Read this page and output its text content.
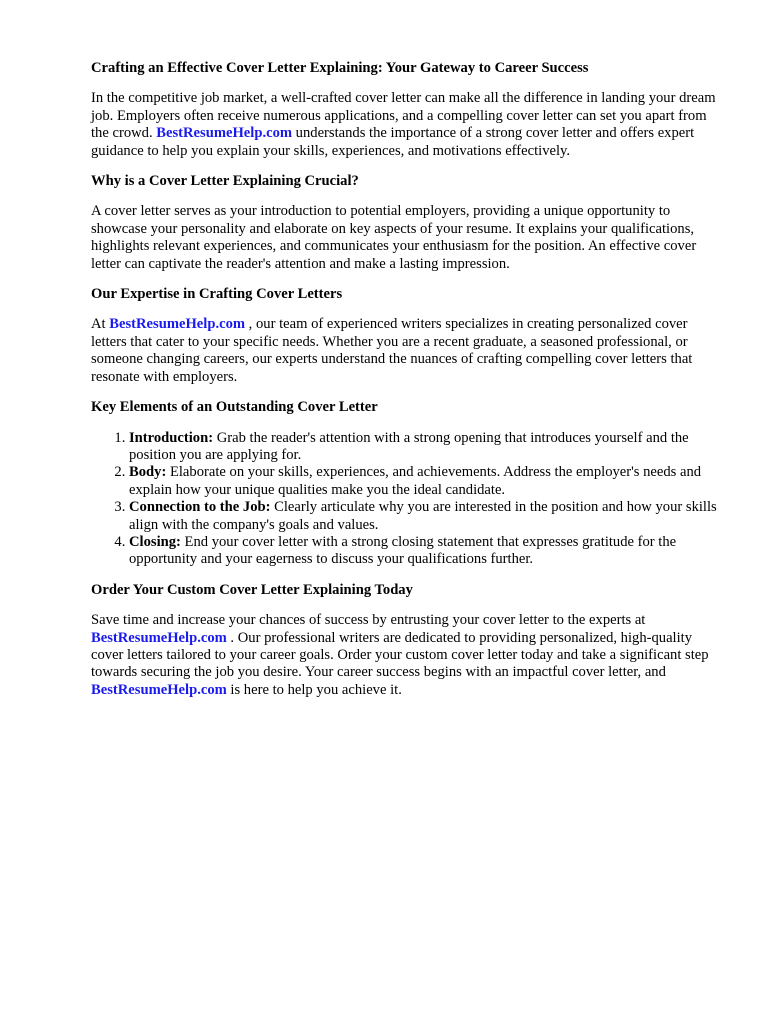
Crafting an Effective Cover Letter Explaining: Your Gateway to Career Success

In the competitive job market, a well-crafted cover letter can make all the difference in landing your dream job. Employers often receive numerous applications, and a compelling cover letter can set you apart from the crowd. BestResumeHelp.com understands the importance of a strong cover letter and offers expert guidance to help you explain your skills, experiences, and motivations effectively.

Why is a Cover Letter Explaining Crucial?

A cover letter serves as your introduction to potential employers, providing a unique opportunity to showcase your personality and elaborate on key aspects of your resume. It explains your qualifications, highlights relevant experiences, and communicates your enthusiasm for the position. An effective cover letter can captivate the reader's attention and make a lasting impression.

Our Expertise in Crafting Cover Letters

At BestResumeHelp.com , our team of experienced writers specializes in creating personalized cover letters that cater to your specific needs. Whether you are a recent graduate, a seasoned professional, or someone changing careers, our experts understand the nuances of crafting compelling cover letters that resonate with employers.

Key Elements of an Outstanding Cover Letter
1. Introduction: Grab the reader's attention with a strong opening that introduces yourself and the position you are applying for.
2. Body: Elaborate on your skills, experiences, and achievements. Address the employer's needs and explain how your unique qualities make you the ideal candidate.
3. Connection to the Job: Clearly articulate why you are interested in the position and how your skills align with the company's goals and values.
4. Closing: End your cover letter with a strong closing statement that expresses gratitude for the opportunity and your eagerness to discuss your qualifications further.
Order Your Custom Cover Letter Explaining Today

Save time and increase your chances of success by entrusting your cover letter to the experts at BestResumeHelp.com . Our professional writers are dedicated to providing personalized, high-quality cover letters tailored to your career goals. Order your custom cover letter today and take a significant step towards securing the job you desire. Your career success begins with an impactful cover letter, and BestResumeHelp.com is here to help you achieve it.
